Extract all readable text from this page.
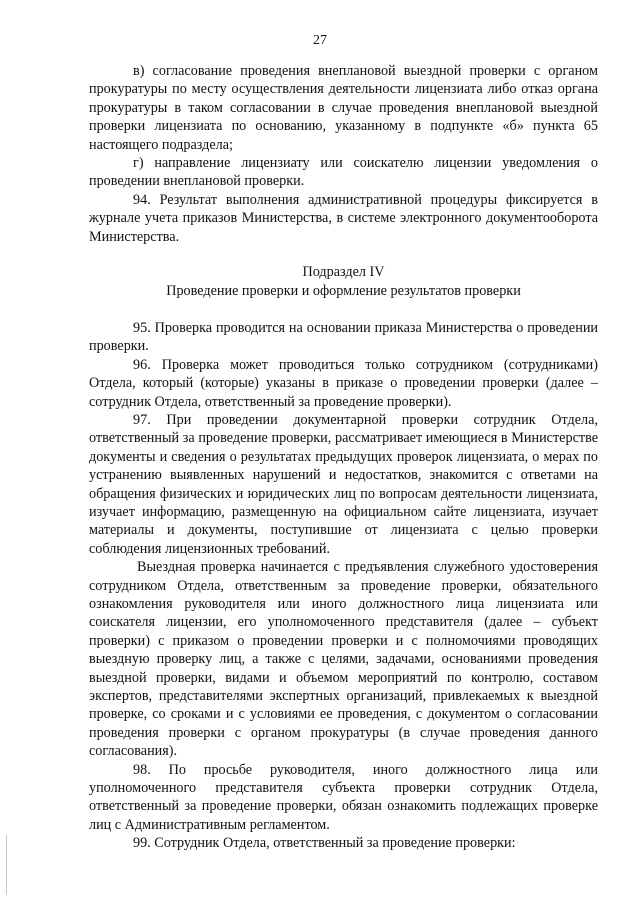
27

в) согласование проведения внеплановой выездной проверки с органом прокуратуры по месту осуществления деятельности лицензиата либо отказ органа прокуратуры в таком согласовании в случае проведения внеплановой выездной проверки лицензиата по основанию, указанному в подпункте «б» пункта 65 настоящего подраздела;

г) направление лицензиату или соискателю лицензии уведомления о проведении внеплановой проверки.

94. Результат выполнения административной процедуры фиксируется в журнале учета приказов Министерства, в системе электронного документооборота Министерства.

Подраздел IV
Проведение проверки и оформление результатов проверки

95. Проверка проводится на основании приказа Министерства о проведении проверки.

96. Проверка может проводиться только сотрудником (сотрудниками) Отдела, который (которые) указаны в приказе о проведении проверки (далее – сотрудник Отдела, ответственный за проведение проверки).

97. При проведении документарной проверки сотрудник Отдела, ответственный за проведение проверки, рассматривает имеющиеся в Министерстве документы и сведения о результатах предыдущих проверок лицензиата, о мерах по устранению выявленных нарушений и недостатков, знакомится с ответами на обращения физических и юридических лиц по вопросам деятельности лицензиата, изучает информацию, размещенную на официальном сайте лицензиата, изучает материалы и документы, поступившие от лицензиата с целью проверки соблюдения лицензионных требований.

Выездная проверка начинается с предъявления служебного удостоверения сотрудником Отдела, ответственным за проведение проверки, обязательного ознакомления руководителя или иного должностного лица лицензиата или соискателя лицензии, его уполномоченного представителя (далее – субъект проверки) с приказом о проведении проверки и с полномочиями проводящих выездную проверку лиц, а также с целями, задачами, основаниями проведения выездной проверки, видами и объемом мероприятий по контролю, составом экспертов, представителями экспертных организаций, привлекаемых к выездной проверке, со сроками и с условиями ее проведения, с документом о согласовании проведения проверки с органом прокуратуры (в случае проведения данного согласования).

98. По просьбе руководителя, иного должностного лица или уполномоченного представителя субъекта проверки сотрудник Отдела, ответственный за проведение проверки, обязан ознакомить подлежащих проверке лиц с Административным регламентом.

99. Сотрудник Отдела, ответственный за проведение проверки:
